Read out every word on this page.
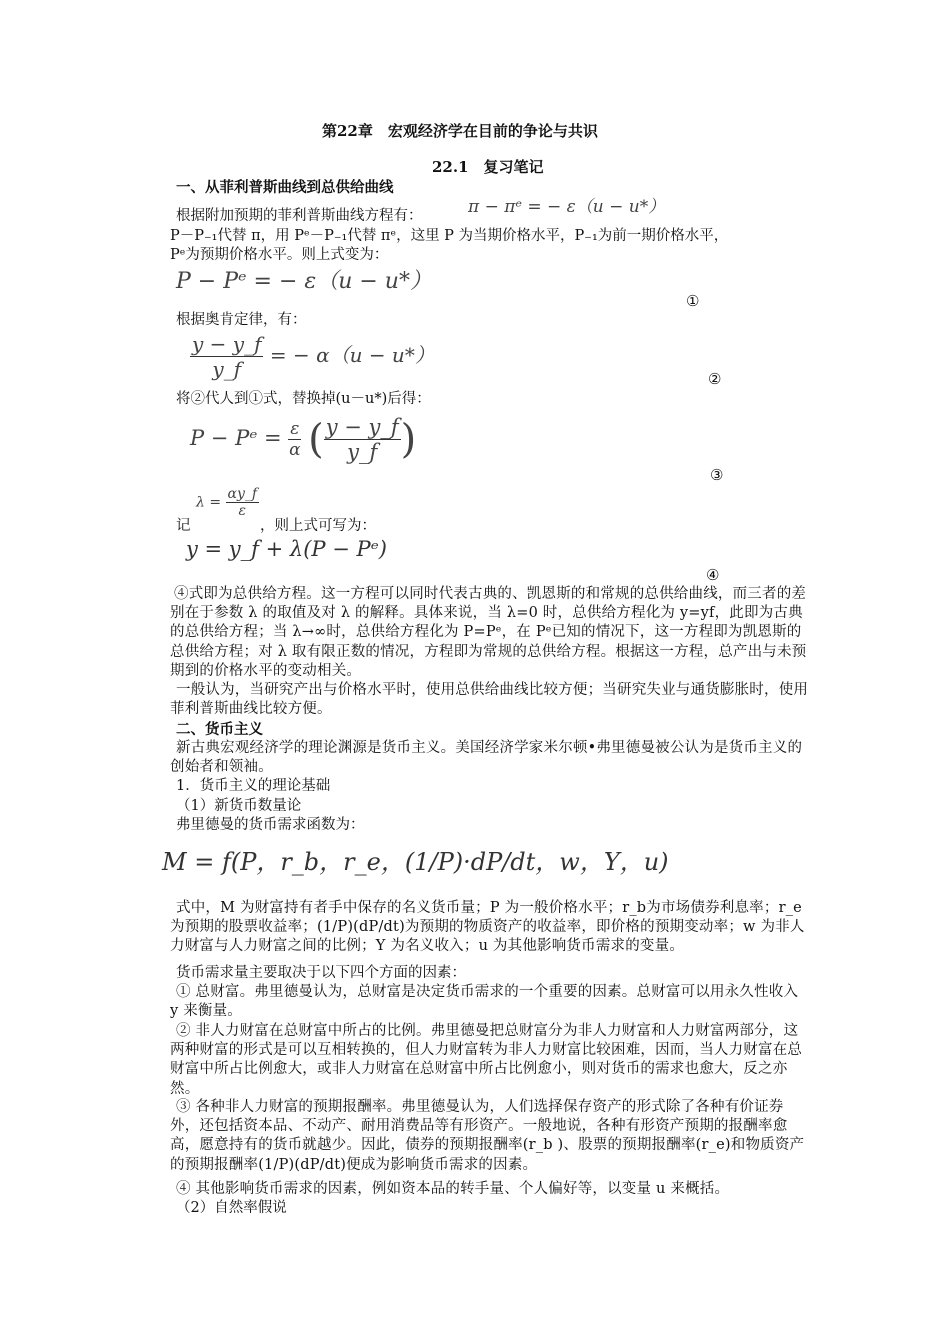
第22章　宏观经济学在目前的争论与共识
22.1　复习笔记
一、从菲利普斯曲线到总供给曲线
π − πᵉ = − ε（u − u*）
根据附加预期的菲利普斯曲线方程有：
P－P₋₁代替 π，用 Pᵉ－P₋₁代替 πᵉ，这里 P 为当期价格水平，P₋₁为前一期价格水平，
Pᵉ为预期价格水平。则上式变为：
P − Pᵉ = − ε（u − u*）
①
根据奥肯定律，有：
$\frac{y - y\_f}{y\_f}$ = − α（u − u*）
②
将②代人到①式，替换掉(u－u*)后得：
P − Pᵉ = $\frac{\varepsilon}{\alpha}$ ( $\frac{y - y\_f}{y\_f}$ )
③
$\lambda = \frac{\alpha y\_f}{\varepsilon}$
记	，则上式可写为：
y = y_f + λ(P − Pᵉ)
④
④式即为总供给方程。这一方程可以同时代表古典的、凯恩斯的和常规的总供给曲线，而三者的差别在于参数 λ 的取值及对 λ 的解释。具体来说，当 λ=0 时，总供给方程化为 y=yf，此即为古典的总供给方程；当 λ→∞时，总供给方程化为 P=Pᵉ，在 Pᵉ已知的情况下，这一方程即为凯恩斯的总供给方程；对 λ 取有限正数的情况，方程即为常规的总供给方程。根据这一方程，总产出与未预期到的价格水平的变动相关。
一般认为，当研究产出与价格水平时，使用总供给曲线比较方便；当研究失业与通货膨胀时，使用菲利普斯曲线比较方便。
二、货币主义
新古典宏观经济学的理论渊源是货币主义。美国经济学家米尔顿•弗里德曼被公认为是货币主义的创始者和领袖。
1．货币主义的理论基础
（1）新货币数量论
弗里德曼的货币需求函数为：
M = f(P，r_b，r_e，(1/P)·dP/dt，w，Y，u)
式中，M 为财富持有者手中保存的名义货币量；P 为一般价格水平；r_b为市场债券利息率；r_e为预期的股票收益率；(1/P)(dP/dt)为预期的物质资产的收益率，即价格的预期变动率；w 为非人力财富与人力财富之间的比例；Y 为名义收入；u 为其他影响货币需求的变量。
货币需求量主要取决于以下四个方面的因素：
① 总财富。弗里德曼认为，总财富是决定货币需求的一个重要的因素。总财富可以用永久性收入 y 来衡量。
② 非人力财富在总财富中所占的比例。弗里德曼把总财富分为非人力财富和人力财富两部分，这两种财富的形式是可以互相转换的，但人力财富转为非人力财富比较困难，因而，当人力财富在总财富中所占比例愈大，或非人力财富在总财富中所占比例愈小，则对货币的需求也愈大，反之亦然。
③ 各种非人力财富的预期报酬率。弗里德曼认为，人们选择保存资产的形式除了各种有价证券外，还包括资本品、不动产、耐用消费品等有形资产。一般地说，各种有形资产预期的报酬率愈高，愿意持有的货币就越少。因此，债券的预期报酬率(r_b )、股票的预期报酬率(r_e)和物质资产的预期报酬率(1/P)(dP/dt)便成为影响货币需求的因素。
④ 其他影响货币需求的因素，例如资本品的转手量、个人偏好等，以变量 u 来概括。
（2）自然率假说
